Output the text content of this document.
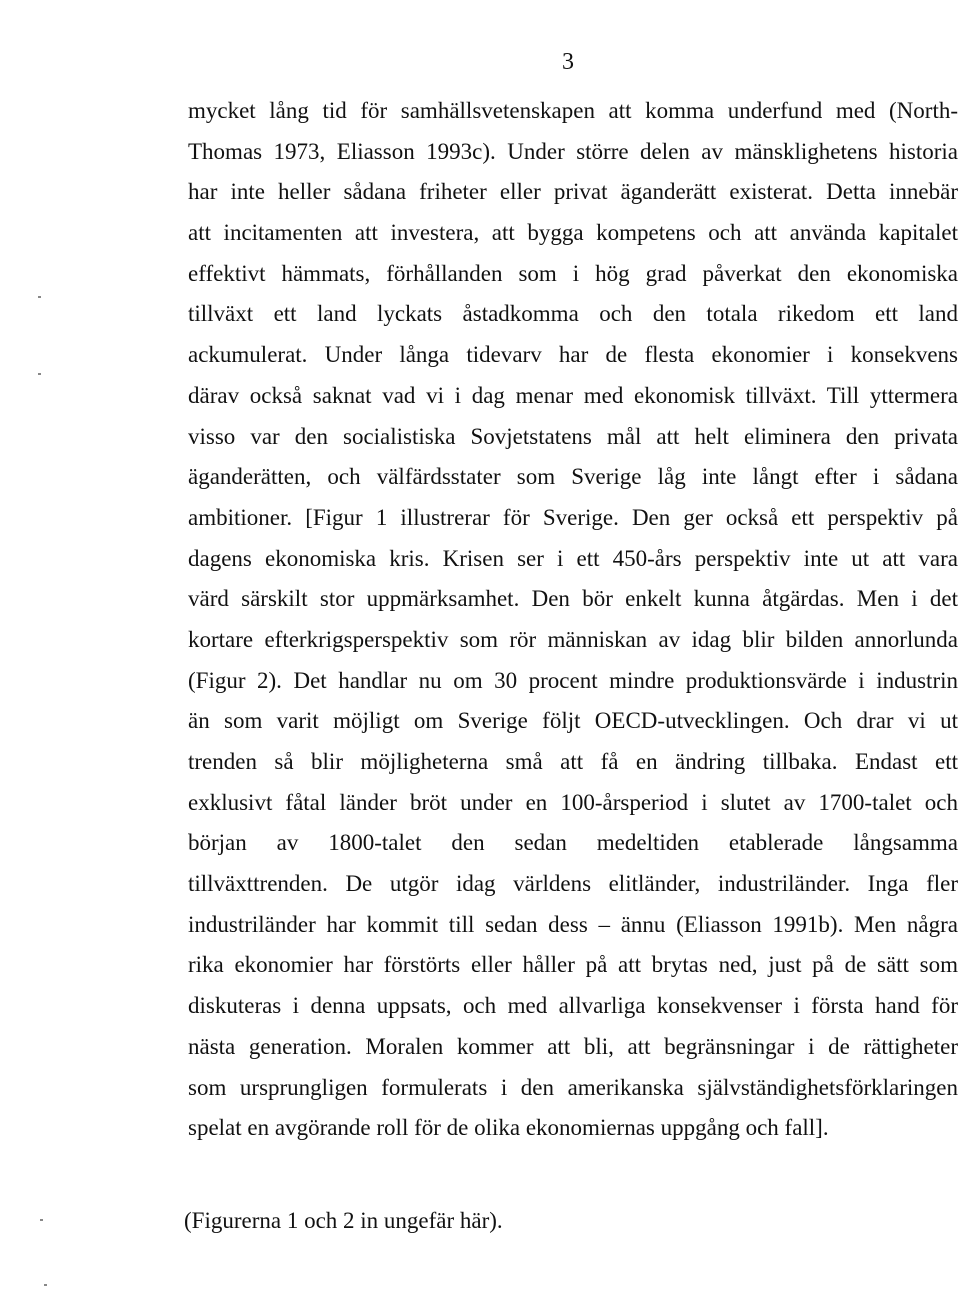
3
mycket lång tid för samhällsvetenskapen att komma underfund med (North-
Thomas 1973, Eliasson 1993c). Under större delen av mänsklighetens historia
har inte heller sådana friheter eller privat äganderätt existerat. Detta innebär
att incitamenten att investera, att bygga kompetens och att använda kapitalet
effektivt hämmats, förhållanden som i hög grad påverkat den ekonomiska
tillväxt ett land lyckats åstadkomma och den totala rikedom ett land
ackumulerat. Under långa tidevarv har de flesta ekonomier i konsekvens
därav också saknat vad vi i dag menar med ekonomisk tillväxt. Till yttermera
visso var den socialistiska Sovjetstatens mål att helt eliminera den privata
äganderätten, och välfärdsstater som Sverige låg inte långt efter i sådana
ambitioner. [Figur 1 illustrerar för Sverige. Den ger också ett perspektiv på
dagens ekonomiska kris. Krisen ser i ett 450-års perspektiv inte ut att vara
värd särskilt stor uppmärksamhet. Den bör enkelt kunna åtgärdas. Men i det
kortare efterkrigsperspektiv som rör människan av idag blir bilden annorlunda
(Figur 2). Det handlar nu om 30 procent mindre produktionsvärde i industrin
än som varit möjligt om Sverige följt OECD-utvecklingen. Och drar vi ut
trenden så blir möjligheterna små att få en ändring tillbaka. Endast ett
exklusivt fåtal länder bröt under en 100-årsperiod i slutet av 1700-talet och
början av 1800-talet den sedan medeltiden etablerade långsamma
tillväxttrenden. De utgör idag världens elitländer, industriländer. Inga fler
industriländer har kommit till sedan dess – ännu (Eliasson 1991b). Men några
rika ekonomier har förstörts eller håller på att brytas ned, just på de sätt som
diskuteras i denna uppsats, och med allvarliga konsekvenser i första hand för
nästa generation. Moralen kommer att bli, att begränsningar i de rättigheter
som ursprungligen formulerats i den amerikanska självständighetsförklaringen
spelat en avgörande roll för de olika ekonomiernas uppgång och fall].
(Figurerna 1 och 2 in ungefär här).
